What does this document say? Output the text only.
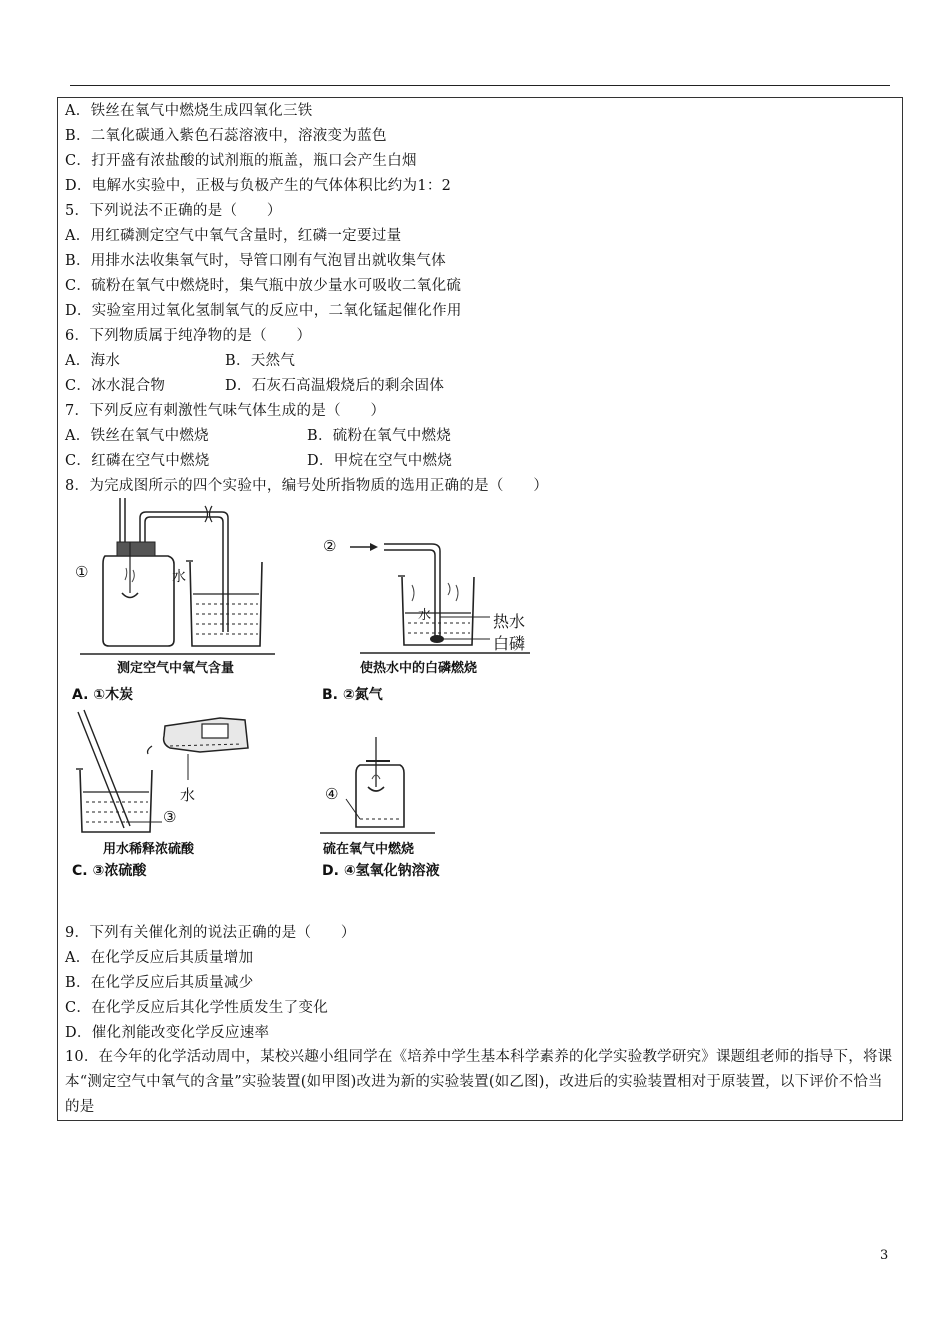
A．铁丝在氧气中燃烧生成四氧化三铁
B．二氧化碳通入紫色石蕊溶液中，溶液变为蓝色
C．打开盛有浓盐酸的试剂瓶的瓶盖，瓶口会产生白烟
D．电解水实验中，正极与负极产生的气体体积比约为1：2
5．下列说法不正确的是（　　）
A．用红磷测定空气中氧气含量时，红磷一定要过量
B．用排水法收集氧气时，导管口刚有气泡冒出就收集气体
C．硫粉在氧气中燃烧时，集气瓶中放少量水可吸收二氧化硫
D．实验室用过氧化氢制氧气的反应中，二氧化锰起催化作用
6．下列物质属于纯净物的是（　　）
A．海水	B．天然气
C．冰水混合物	D．石灰石高温煅烧后的剩余固体
7．下列反应有刺激性气味气体生成的是（　　）
A．铁丝在氧气中燃烧	B．硫粉在氧气中燃烧
C．红磷在空气中燃烧	D．甲烷在空气中燃烧
8．为完成图所示的四个实验中，编号处所指物质的选用正确的是（　　）
①	水
测定空气中氧气含量
A. ①木炭
②
水	热水
白磷
使热水中的白磷燃烧
B. ②氮气
水
③
用水稀释浓硫酸
C. ③浓硫酸
④
硫在氧气中燃烧
D. ④氢氧化钠溶液
9．下列有关催化剂的说法正确的是（　　）
A．在化学反应后其质量增加
B．在化学反应后其质量减少
C．在化学反应后其化学性质发生了变化
D．催化剂能改变化学反应速率
10．在今年的化学活动周中，某校兴趣小组同学在《培养中学生基本科学素养的化学实验教学研究》课题组老师的指导下，将课本“测定空气中氧气的含量”实验装置(如甲图)改进为新的实验装置(如乙图)，改进后的实验装置相对于原装置，以下评价不恰当的是
3
